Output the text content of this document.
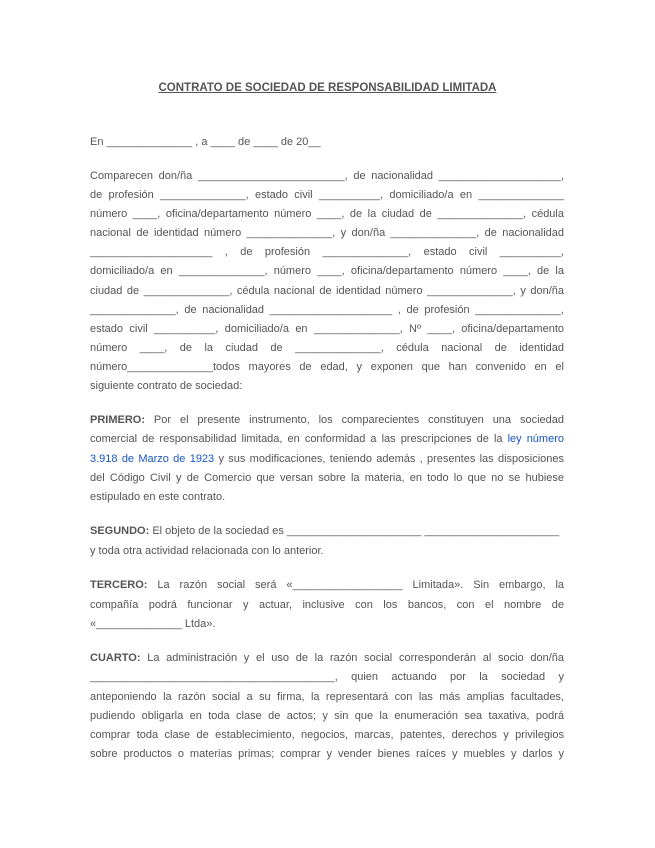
CONTRATO DE SOCIEDAD DE RESPONSABILIDAD LIMITADA
En ______________ , a ____ de ____ de 20__
Comparecen don/ña ________________________, de nacionalidad ____________________,
de profesión ______________, estado civil __________, domiciliado/a en ______________
número ____, oficina/departamento número ____, de la ciudad de ______________, cédula
nacional de identidad número ______________, y don/ña ______________, de nacionalidad
____________________ , de profesión ______________, estado civil __________,
domiciliado/a en ______________, número ____, oficina/departamento número ____, de la
ciudad de ______________, cédula nacional de identidad número ______________, y don/ña
______________, de nacionalidad ____________________ , de profesión ______________,
estado civil __________, domiciliado/a en ______________, Nº ____, oficina/departamento
número ____, de la ciudad de ______________, cédula nacional de identidad
número______________todos mayores de edad, y exponen que han convenido en el
siguiente contrato de sociedad:
PRIMERO: Por el presente instrumento, los comparecientes constituyen una sociedad
comercial de responsabilidad limitada, en conformidad a las prescripciones de la ley número
3.918 de Marzo de 1923 y sus modificaciones, teniendo además , presentes las disposiciones
del Código Civil y de Comercio que versan sobre la materia, en todo lo que no se hubiese
estipulado en este contrato.
SEGUNDO: El objeto de la sociedad es ______________________ ______________________
y toda otra actividad relacionada con lo anterior.
TERCERO: La razón social será «__________________ Limitada». Sin embargo, la
compañía podrá funcionar y actuar, inclusive con los bancos, con el nombre de
«______________ Ltda».
CUARTO: La administración y el uso de la razón social corresponderán al socio don/ña
________________________________________, quien actuando por la sociedad y
anteponiendo la razón social a su firma, la representará con las más amplias facultades,
pudiendo obligarla en toda clase de actos; y sin que la enumeración sea taxativa, podrá
comprar toda clase de establecimiento, negocios, marcas, patentes, derechos y privilegios
sobre productos o materias primas; comprar y vender bienes raíces y muebles y darlos y
